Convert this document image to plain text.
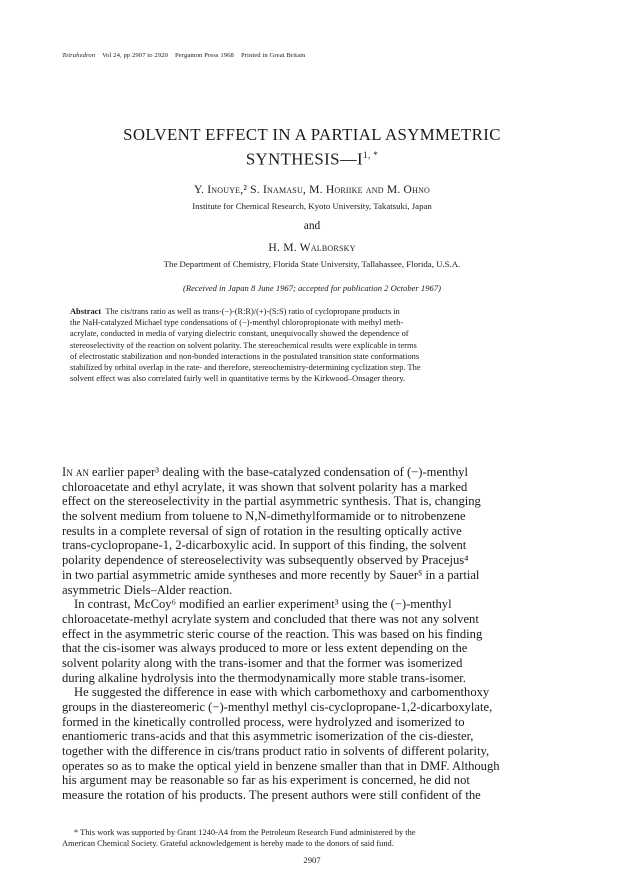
Tetrahedron Vol 24, pp 2907 to 2920 Pergamon Press 1968 Printed in Great Britain
SOLVENT EFFECT IN A PARTIAL ASYMMETRIC
$SYNTHESIS—I^{1, *}$
Y. Inouye,² S. Inamasu, M. Horiike and M. Ohno
Institute for Chemical Research, Kyoto University, Takatsuki, Japan
and
H. M. Walborsky
The Department of Chemistry, Florida State University, Tallahassee, Florida, U.S.A.
(Received in Japan 8 June 1967; accepted for publication 2 October 1967)
Abstract The cis/trans ratio as well as trans-(−)-(R:R)/(+)-(S:S) ratio of cyclopropane products in
the NaH-catalyzed Michael type condensations of (−)-menthyl chloropropionate with methyl meth-
acrylate, conducted in media of varying dielectric constant, unequivocally showed the dependence of
stereoselectivity of the reaction on solvent polarity. The stereochemical results were explicable in terms
of electrostatic stabilization and non-bonded interactions in the postulated transition state conformations
stabilized by orbital overlap in the rate- and therefore, stereochemistry-determining cyclization step. The
solvent effect was also correlated fairly well in quantitative terms by the Kirkwood–Onsager theory.
In an earlier paper³ dealing with the base-catalyzed condensation of (−)-menthyl
chloroacetate and ethyl acrylate, it was shown that solvent polarity has a marked
effect on the stereoselectivity in the partial asymmetric synthesis. That is, changing
the solvent medium from toluene to N,N-dimethylformamide or to nitrobenzene
results in a complete reversal of sign of rotation in the resulting optically active
trans-cyclopropane-1, 2-dicarboxylic acid. In support of this finding, the solvent
polarity dependence of stereoselectivity was subsequently observed by Pracejus⁴
in two partial asymmetric amide syntheses and more recently by Sauer⁵ in a partial
asymmetric Diels–Alder reaction.
In contrast, McCoy⁶ modified an earlier experiment³ using the (−)-menthyl
chloroacetate-methyl acrylate system and concluded that there was not any solvent
effect in the asymmetric steric course of the reaction. This was based on his finding
that the cis-isomer was always produced to more or less extent depending on the
solvent polarity along with the trans-isomer and that the former was isomerized
during alkaline hydrolysis into the thermodynamically more stable trans-isomer.
He suggested the difference in ease with which carbomethoxy and carbomenthoxy
groups in the diastereomeric (−)-menthyl methyl cis-cyclopropane-1,2-dicarboxylate,
formed in the kinetically controlled process, were hydrolyzed and isomerized to
enantiomeric trans-acids and that this asymmetric isomerization of the cis-diester,
together with the difference in cis/trans product ratio in solvents of different polarity,
operates so as to make the optical yield in benzene smaller than that in DMF. Although
his argument may be reasonable so far as his experiment is concerned, he did not
measure the rotation of his products. The present authors were still confident of the
* This work was supported by Grant 1240-A4 from the Petroleum Research Fund administered by the
American Chemical Society. Grateful acknowledgement is hereby made to the donors of said fund.
2907
